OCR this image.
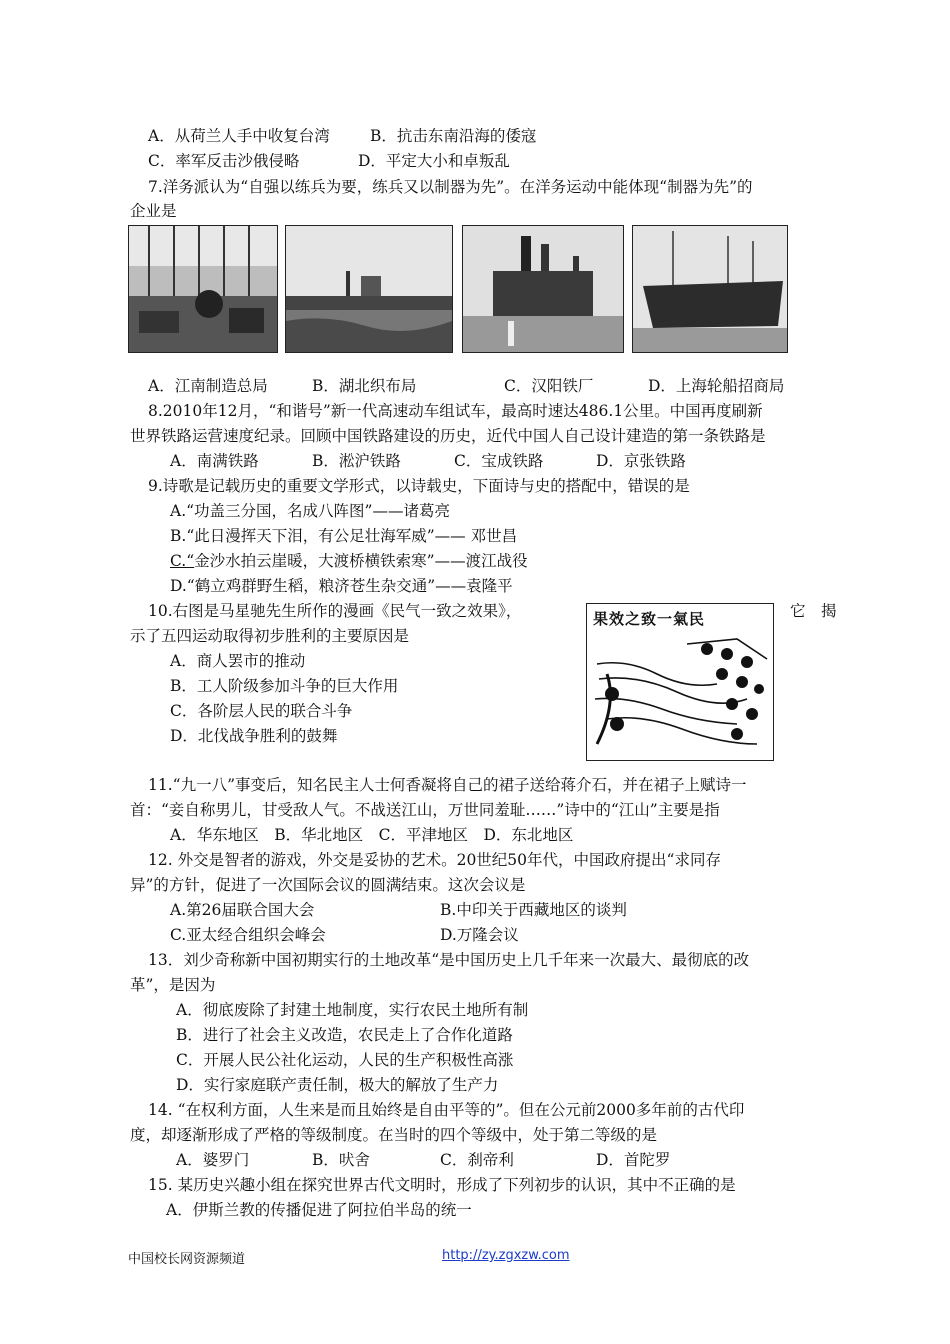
A．从荷兰人手中收复台湾	B．抗击东南沿海的倭寇
C．率军反击沙俄侵略	D．平定大小和卓叛乱
7.洋务派认为“自强以练兵为要，练兵又以制器为先”。在洋务运动中能体现“制器为先”的
企业是
A．江南制造总局	B．湖北织布局	C．汉阳铁厂	D．上海轮船招商局
8.2010年12月，“和谐号”新一代高速动车组试车，最高时速达486.1公里。中国再度刷新
世界铁路运营速度纪录。回顾中国铁路建设的历史，近代中国人自己设计建造的第一条铁路是
A．南满铁路	B．淞沪铁路	C．宝成铁路	D．京张铁路
9.诗歌是记载历史的重要文学形式，以诗载史，下面诗与史的搭配中，错误的是
A.“功盖三分国，名成八阵图”——诸葛亮
B.“此日漫挥天下泪，有公足壮海军威”—— 邓世昌
C.“金沙水拍云崖暖，大渡桥横铁索寒”——渡江战役
D.“鹤立鸡群野生稻，粮济苍生杂交通”——袁隆平
10.右图是马星驰先生所作的漫画《民气一致之效果》，	它　揭
示了五四运动取得初步胜利的主要原因是
A．商人罢市的推动
B．工人阶级参加斗争的巨大作用
C．各阶层人民的联合斗争
D．北伐战争胜利的鼓舞
果效之致一氣民
11.“九一八”事变后，知名民主人士何香凝将自己的裙子送给蒋介石，并在裙子上赋诗一
首：“妾自称男儿，甘受敌人气。不战送江山，万世同羞耻……”诗中的“江山”主要是指
A．华东地区　B．华北地区　C．平津地区　D．东北地区
12. 外交是智者的游戏，外交是妥协的艺术。20世纪50年代，中国政府提出“求同存
异”的方针，促进了一次国际会议的圆满结束。这次会议是
A.第26届联合国大会	B.中印关于西藏地区的谈判
C.亚太经合组织会峰会	D.万隆会议
13．刘少奇称新中国初期实行的土地改革“是中国历史上几千年来一次最大、最彻底的改
革”，是因为
A．彻底废除了封建土地制度，实行农民土地所有制
B．进行了社会主义改造，农民走上了合作化道路
C．开展人民公社化运动，人民的生产积极性高涨
D．实行家庭联产责任制，极大的解放了生产力
14. “在权利方面，人生来是而且始终是自由平等的”。但在公元前2000多年前的古代印
度，却逐渐形成了严格的等级制度。在当时的四个等级中，处于第二等级的是
A．婆罗门	B．吠舍	C．刹帝利	D．首陀罗
15. 某历史兴趣小组在探究世界古代文明时，形成了下列初步的认识，其中不正确的是
A．伊斯兰教的传播促进了阿拉伯半岛的统一
中国校长网资源频道	http://zy.zgxzw.com
